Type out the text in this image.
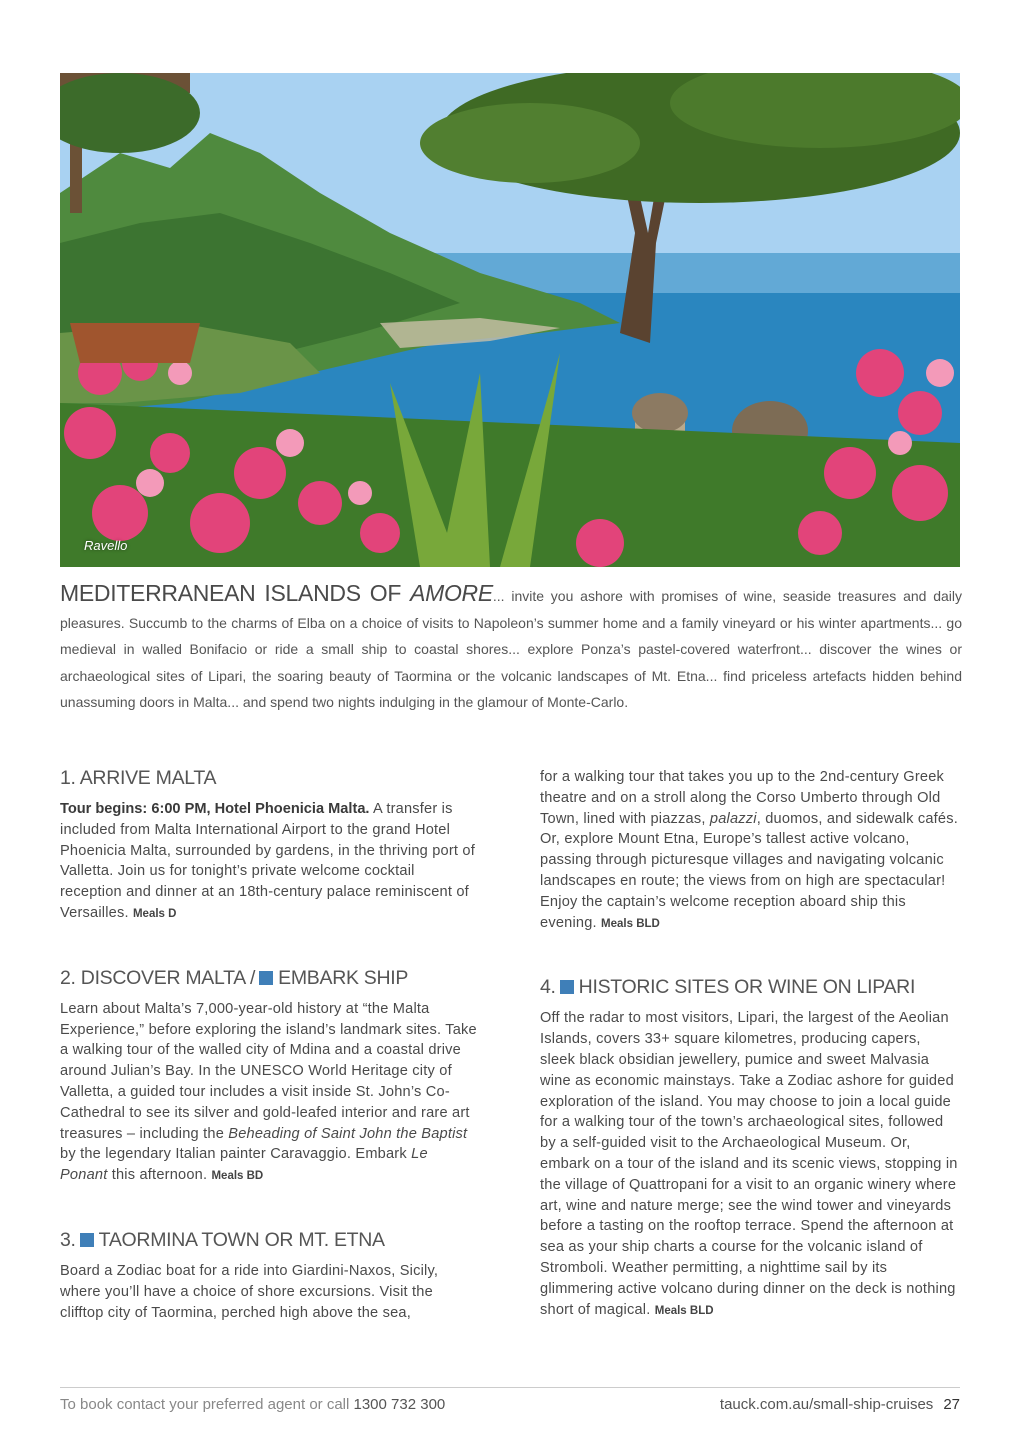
Ravello
MEDITERRANEAN ISLANDS OF AMORE... invite you ashore with promises of wine, seaside treasures and daily pleasures. Succumb to the charms of Elba on a choice of visits to Napoleon’s summer home and a family vineyard or his winter apartments... go medieval in walled Bonifacio or ride a small ship to coastal shores... explore Ponza’s pastel-covered waterfront... discover the wines or archaeological sites of Lipari, the soaring beauty of Taormina or the volcanic landscapes of Mt. Etna... find priceless artefacts hidden behind unassuming doors in Malta... and spend two nights indulging in the glamour of Monte-Carlo.
1. ARRIVE MALTA

Tour begins: 6:00 PM, Hotel Phoenicia Malta. A transfer is included from Malta International Airport to the grand Hotel Phoenicia Malta, surrounded by gardens, in the thriving port of Valletta. Join us for tonight’s private welcome cocktail reception and dinner at an 18th-century palace reminiscent of Versailles. Meals D

2. DISCOVER MALTA / EMBARK SHIP

Learn about Malta’s 7,000-year-old history at “the Malta Experience,” before exploring the island’s landmark sites. Take a walking tour of the walled city of Mdina and a coastal drive around Julian’s Bay. In the UNESCO World Heritage city of Valletta, a guided tour includes a visit inside St. John’s Co-Cathedral to see its silver and gold-leafed interior and rare art treasures – including the Beheading of Saint John the Baptist by the legendary Italian painter Caravaggio. Embark Le Ponant this afternoon. Meals BD

3. TAORMINA TOWN OR MT. ETNA

Board a Zodiac boat for a ride into Giardini-Naxos, Sicily, where you’ll have a choice of shore excursions. Visit the clifftop city of Taormina, perched high above the sea,

for a walking tour that takes you up to the 2nd-century Greek theatre and on a stroll along the Corso Umberto through Old Town, lined with piazzas, palazzi, duomos, and sidewalk cafés. Or, explore Mount Etna, Europe’s tallest active volcano, passing through picturesque villages and navigating volcanic landscapes en route; the views from on high are spectacular! Enjoy the captain’s welcome reception aboard ship this evening. Meals BLD

4. HISTORIC SITES OR WINE ON LIPARI

Off the radar to most visitors, Lipari, the largest of the Aeolian Islands, covers 33+ square kilometres, producing capers, sleek black obsidian jewellery, pumice and sweet Malvasia wine as economic mainstays. Take a Zodiac ashore for guided exploration of the island. You may choose to join a local guide for a walking tour of the town’s archaeological sites, followed by a self-guided visit to the Archaeological Museum. Or, embark on a tour of the island and its scenic views, stopping in the village of Quattropani for a visit to an organic winery where art, wine and nature merge; see the wind tower and vineyards before a tasting on the rooftop terrace. Spend the afternoon at sea as your ship charts a course for the volcanic island of Stromboli. Weather permitting, a nighttime sail by its glimmering active volcano during dinner on the deck is nothing short of magical. Meals BLD

To book contact your preferred agent or call 1300 732 300	tauck.com.au/small-ship-cruises 27
